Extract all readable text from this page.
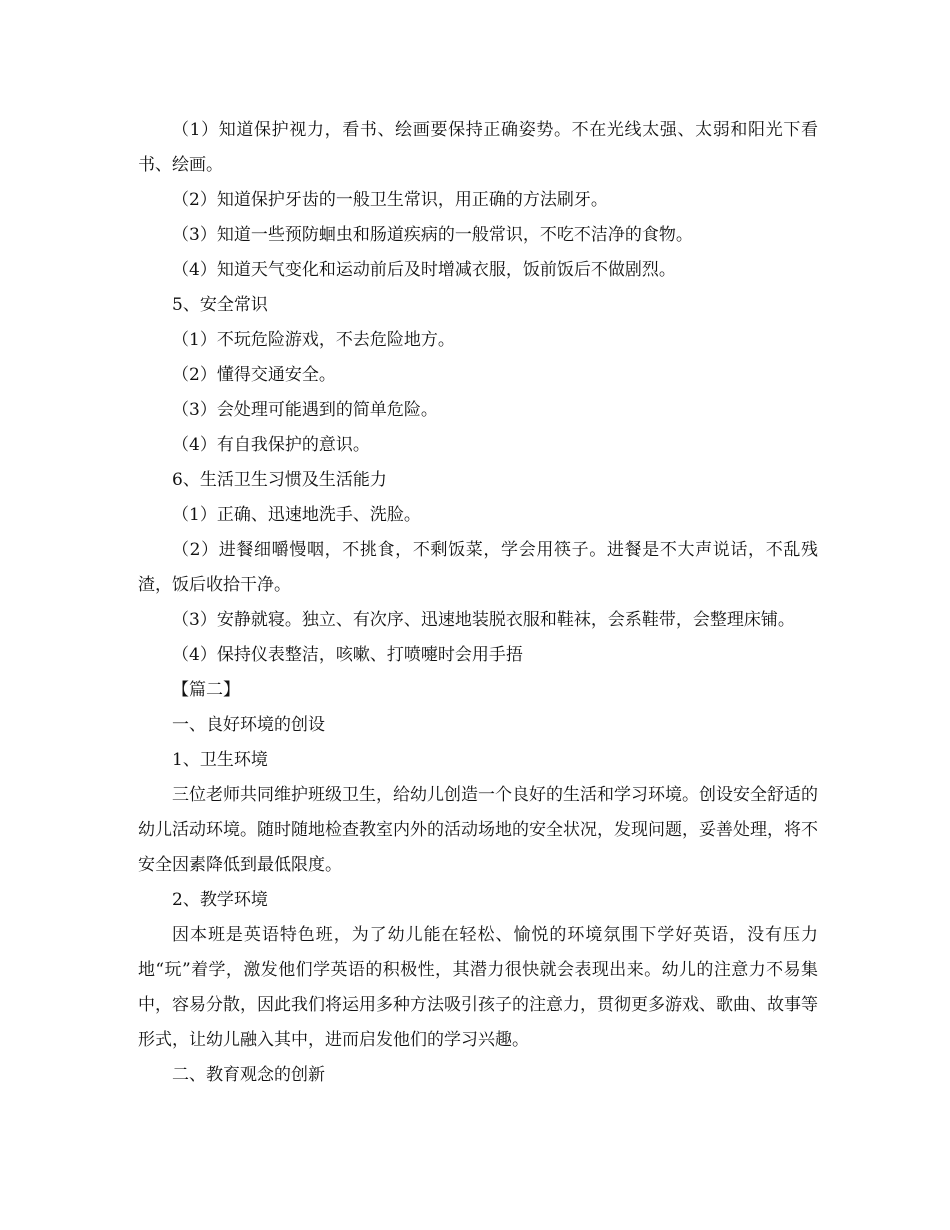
（1）知道保护视力，看书、绘画要保持正确姿势。不在光线太强、太弱和阳光下看书、绘画。

（2）知道保护牙齿的一般卫生常识，用正确的方法刷牙。

（3）知道一些预防蛔虫和肠道疾病的一般常识，不吃不洁净的食物。

（4）知道天气变化和运动前后及时增减衣服，饭前饭后不做剧烈。

5、安全常识

（1）不玩危险游戏，不去危险地方。

（2）懂得交通安全。

（3）会处理可能遇到的简单危险。

（4）有自我保护的意识。

6、生活卫生习惯及生活能力

（1）正确、迅速地洗手、洗脸。

（2）进餐细嚼慢咽，不挑食，不剩饭菜，学会用筷子。进餐是不大声说话，不乱残渣，饭后收拾干净。

（3）安静就寝。独立、有次序、迅速地装脱衣服和鞋袜，会系鞋带，会整理床铺。

（4）保持仪表整洁，咳嗽、打喷嚏时会用手捂

【篇二】

一、良好环境的创设

1、卫生环境

三位老师共同维护班级卫生，给幼儿创造一个良好的生活和学习环境。创设安全舒适的幼儿活动环境。随时随地检查教室内外的活动场地的安全状况，发现问题，妥善处理，将不安全因素降低到最低限度。

2、教学环境

因本班是英语特色班，为了幼儿能在轻松、愉悦的环境氛围下学好英语，没有压力地“玩”着学，激发他们学英语的积极性，其潜力很快就会表现出来。幼儿的注意力不易集中，容易分散，因此我们将运用多种方法吸引孩子的注意力，贯彻更多游戏、歌曲、故事等形式，让幼儿融入其中，进而启发他们的学习兴趣。

二、教育观念的创新
